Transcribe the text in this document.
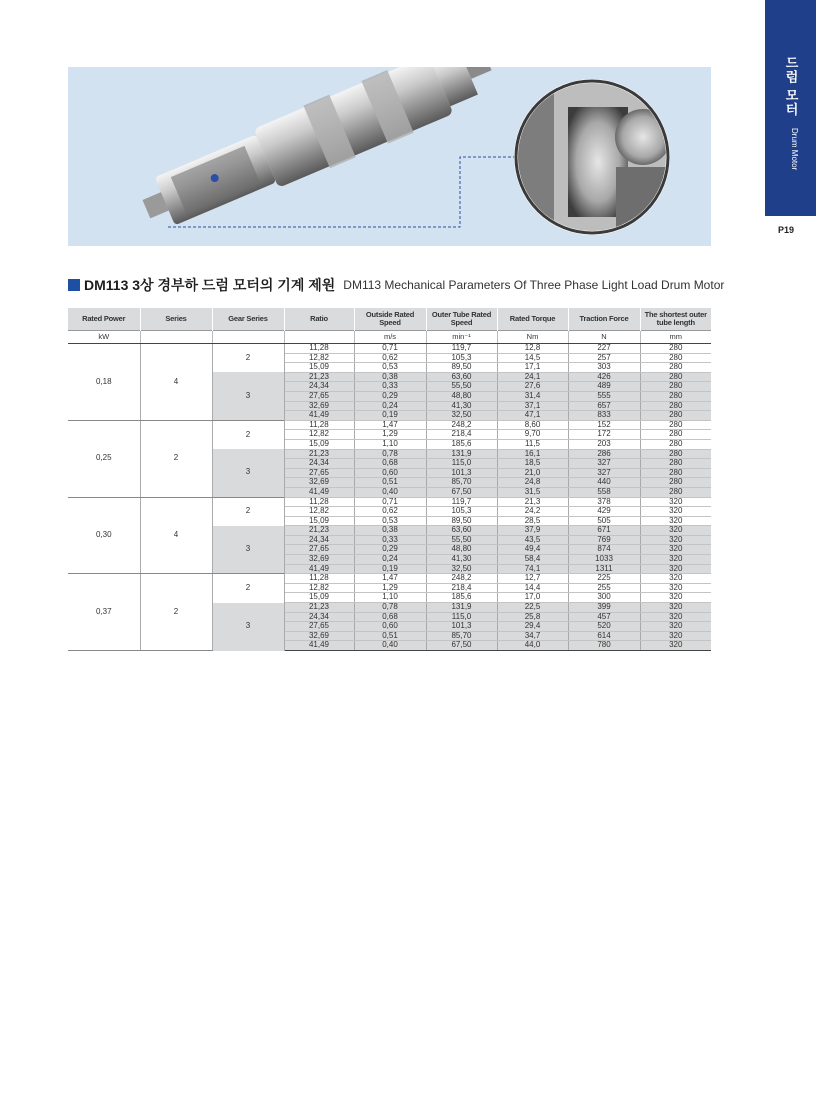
드럼 모터
Drum Motor
P19
DM113 3상 경부하 드럼 모터의 기계 제원 DM113 Mechanical Parameters Of Three Phase Light Load Drum Motor
Rated Power	Series	Gear Series	Ratio	Outside Rated Speed	Outer Tube Rated Speed	Rated Torque	Traction Force	The shortest outer tube length
kW				m/s	min⁻¹	Nm	N	mm
0,18	4	2	11,28	0,71	119,7	12,8	227	280
			12,82	0,62	105,3	14,5	257	280
			15,09	0,53	89,50	17,1	303	280
		3	21,23	0,38	63,60	24,1	426	280
			24,34	0,33	55,50	27,6	489	280
			27,65	0,29	48,80	31,4	555	280
			32,69	0,24	41,30	37,1	657	280
			41,49	0,19	32,50	47,1	833	280
0,25	2	2	11,28	1,47	248,2	8,60	152	280
			12,82	1,29	218,4	9,70	172	280
			15,09	1,10	185,6	11,5	203	280
		3	21,23	0,78	131,9	16,1	286	280
			24,34	0,68	115,0	18,5	327	280
			27,65	0,60	101,3	21,0	327	280
			32,69	0,51	85,70	24,8	440	280
			41,49	0,40	67,50	31,5	558	280
0,30	4	2	11,28	0,71	119,7	21,3	378	320
			12,82	0,62	105,3	24,2	429	320
			15,09	0,53	89,50	28,5	505	320
		3	21,23	0,38	63,60	37,9	671	320
			24,34	0,33	55,50	43,5	769	320
			27,65	0,29	48,80	49,4	874	320
			32,69	0,24	41,30	58,4	1033	320
			41,49	0,19	32,50	74,1	1311	320
0,37	2	2	11,28	1,47	248,2	12,7	225	320
			12,82	1,29	218,4	14,4	255	320
			15,09	1,10	185,6	17,0	300	320
		3	21,23	0,78	131,9	22,5	399	320
			24,34	0,68	115,0	25,8	457	320
			27,65	0,60	101,3	29,4	520	320
			32,69	0,51	85,70	34,7	614	320
			41,49	0,40	67,50	44,0	780	320
